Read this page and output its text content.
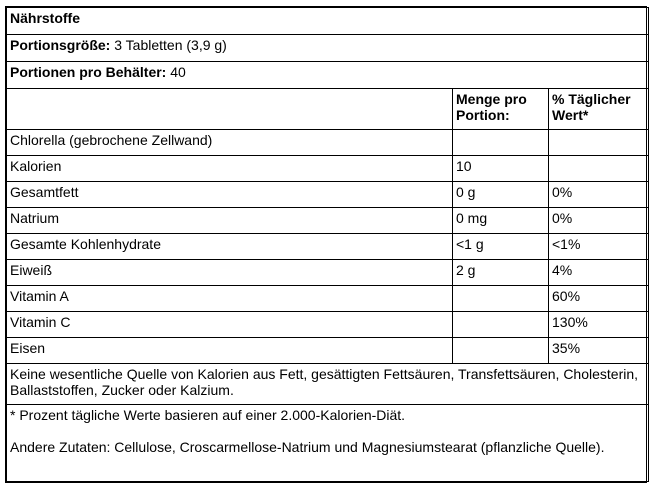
Nährstoffe		
Portionsgröße: 3 Tabletten (3,9 g)		
Portionen pro Behälter: 40		
	Menge pro Portion:	% Täglicher Wert*
Chlorella (gebrochene Zellwand)		
Kalorien	10	
Gesamtfett	0 g	0%
Natrium	0 mg	0%
Gesamte Kohlenhydrate	<1 g	<1%
Eiweiß	2 g	4%
Vitamin A		60%
Vitamin C		130%
Eisen		35%
Keine wesentliche Quelle von Kalorien aus Fett, gesättigten Fettsäuren, Transfettsäuren, Cholesterin, Ballaststoffen, Zucker oder Kalzium.		
* Prozent tägliche Werte basieren auf einer 2.000-Kalorien-Diät.		
Andere Zutaten: Cellulose, Croscarmellose-Natrium und Magnesiumstearat (pflanzliche Quelle).		
